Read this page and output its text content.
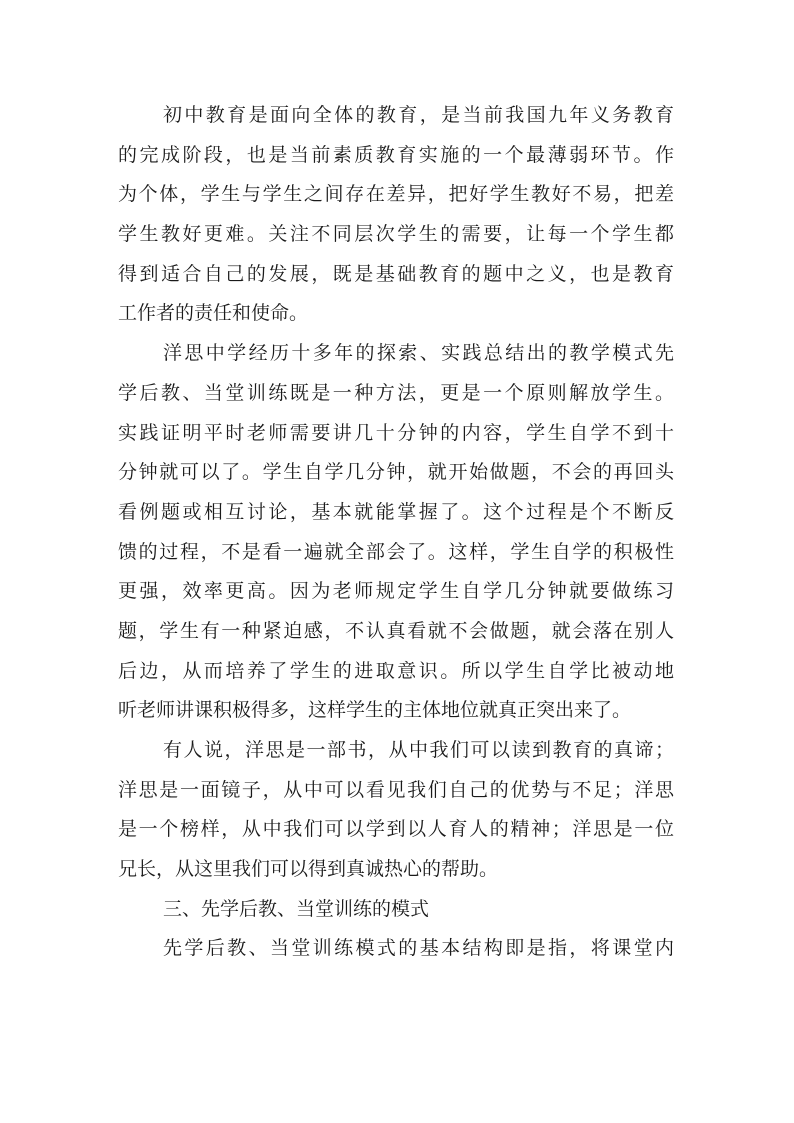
初中教育是面向全体的教育，是当前我国九年义务教育
的完成阶段，也是当前素质教育实施的一个最薄弱环节。作
为个体，学生与学生之间存在差异，把好学生教好不易，把差
学生教好更难。关注不同层次学生的需要，让每一个学生都
得到适合自己的发展，既是基础教育的题中之义，也是教育
工作者的责任和使命。
洋思中学经历十多年的探索、实践总结出的教学模式先
学后教、当堂训练既是一种方法，更是一个原则解放学生。
实践证明平时老师需要讲几十分钟的内容，学生自学不到十
分钟就可以了。学生自学几分钟，就开始做题，不会的再回头
看例题或相互讨论，基本就能掌握了。这个过程是个不断反
馈的过程，不是看一遍就全部会了。这样，学生自学的积极性
更强，效率更高。因为老师规定学生自学几分钟就要做练习
题，学生有一种紧迫感，不认真看就不会做题，就会落在别人
后边，从而培养了学生的进取意识。所以学生自学比被动地
听老师讲课积极得多，这样学生的主体地位就真正突出来了。
有人说，洋思是一部书，从中我们可以读到教育的真谛；
洋思是一面镜子，从中可以看见我们自己的优势与不足；洋思
是一个榜样，从中我们可以学到以人育人的精神；洋思是一位
兄长，从这里我们可以得到真诚热心的帮助。
三、先学后教、当堂训练的模式
先学后教、当堂训练模式的基本结构即是指，将课堂内
